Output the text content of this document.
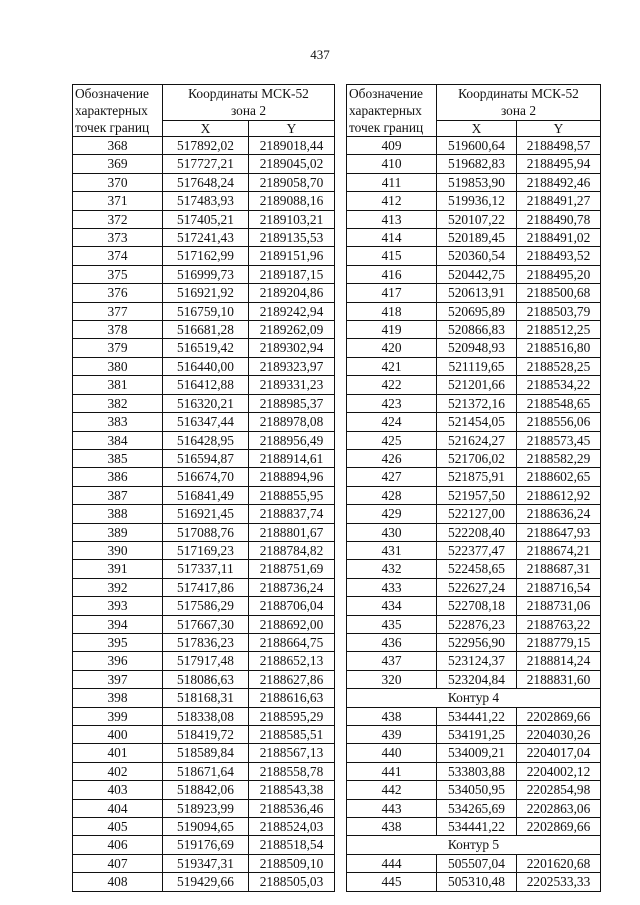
437
Обозначение
характерных
точек границ	Координаты МСК-52
зона 2	
	X	Y
368	517892,02	2189018,44
369	517727,21	2189045,02
370	517648,24	2189058,70
371	517483,93	2189088,16
372	517405,21	2189103,21
373	517241,43	2189135,53
374	517162,99	2189151,96
375	516999,73	2189187,15
376	516921,92	2189204,86
377	516759,10	2189242,94
378	516681,28	2189262,09
379	516519,42	2189302,94
380	516440,00	2189323,97
381	516412,88	2189331,23
382	516320,21	2188985,37
383	516347,44	2188978,08
384	516428,95	2188956,49
385	516594,87	2188914,61
386	516674,70	2188894,96
387	516841,49	2188855,95
388	516921,45	2188837,74
389	517088,76	2188801,67
390	517169,23	2188784,82
391	517337,11	2188751,69
392	517417,86	2188736,24
393	517586,29	2188706,04
394	517667,30	2188692,00
395	517836,23	2188664,75
396	517917,48	2188652,13
397	518086,63	2188627,86
398	518168,31	2188616,63
399	518338,08	2188595,29
400	518419,72	2188585,51
401	518589,84	2188567,13
402	518671,64	2188558,78
403	518842,06	2188543,38
404	518923,99	2188536,46
405	519094,65	2188524,03
406	519176,69	2188518,54
407	519347,31	2188509,10
408	519429,66	2188505,03
Обозначение
характерных
точек границ	Координаты МСК-52
зона 2	
	X	Y
409	519600,64	2188498,57
410	519682,83	2188495,94
411	519853,90	2188492,46
412	519936,12	2188491,27
413	520107,22	2188490,78
414	520189,45	2188491,02
415	520360,54	2188493,52
416	520442,75	2188495,20
417	520613,91	2188500,68
418	520695,89	2188503,79
419	520866,83	2188512,25
420	520948,93	2188516,80
421	521119,65	2188528,25
422	521201,66	2188534,22
423	521372,16	2188548,65
424	521454,05	2188556,06
425	521624,27	2188573,45
426	521706,02	2188582,29
427	521875,91	2188602,65
428	521957,50	2188612,92
429	522127,00	2188636,24
430	522208,40	2188647,93
431	522377,47	2188674,21
432	522458,65	2188687,31
433	522627,24	2188716,54
434	522708,18	2188731,06
435	522876,23	2188763,22
436	522956,90	2188779,15
437	523124,37	2188814,24
320	523204,84	2188831,60
Контур 4		
438	534441,22	2202869,66
439	534191,25	2204030,26
440	534009,21	2204017,04
441	533803,88	2204002,12
442	534050,95	2202854,98
443	534265,69	2202863,06
438	534441,22	2202869,66
Контур 5		
444	505507,04	2201620,68
445	505310,48	2202533,33
